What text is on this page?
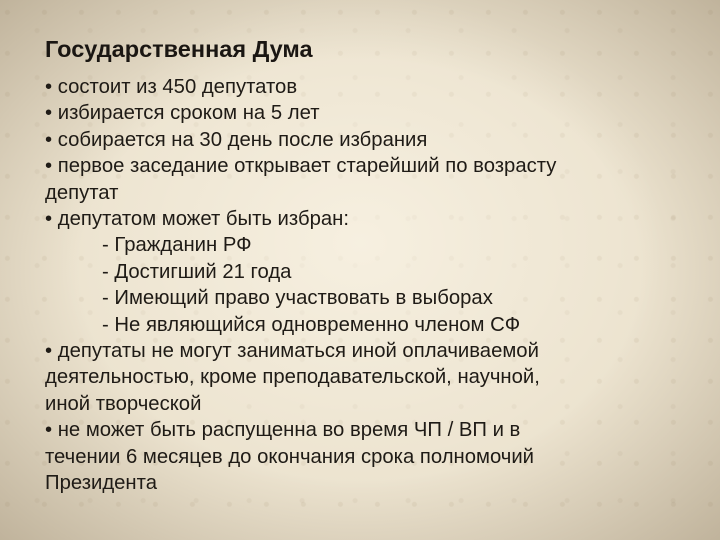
Государственная Дума
• состоит из 450 депутатов
• избирается сроком на 5 лет
• собирается на 30 день после избрания
• первое заседание открывает старейший по возрасту
депутат
• депутатом может быть избран:
- Гражданин РФ
- Достигший 21 года
- Имеющий право участвовать в выборах
- Не являющийся одновременно членом СФ
• депутаты не могут заниматься иной оплачиваемой
деятельностью, кроме преподавательской, научной,
иной творческой
• не может быть распущенна во время ЧП / ВП и в
течении 6 месяцев до окончания срока полномочий
Президента
